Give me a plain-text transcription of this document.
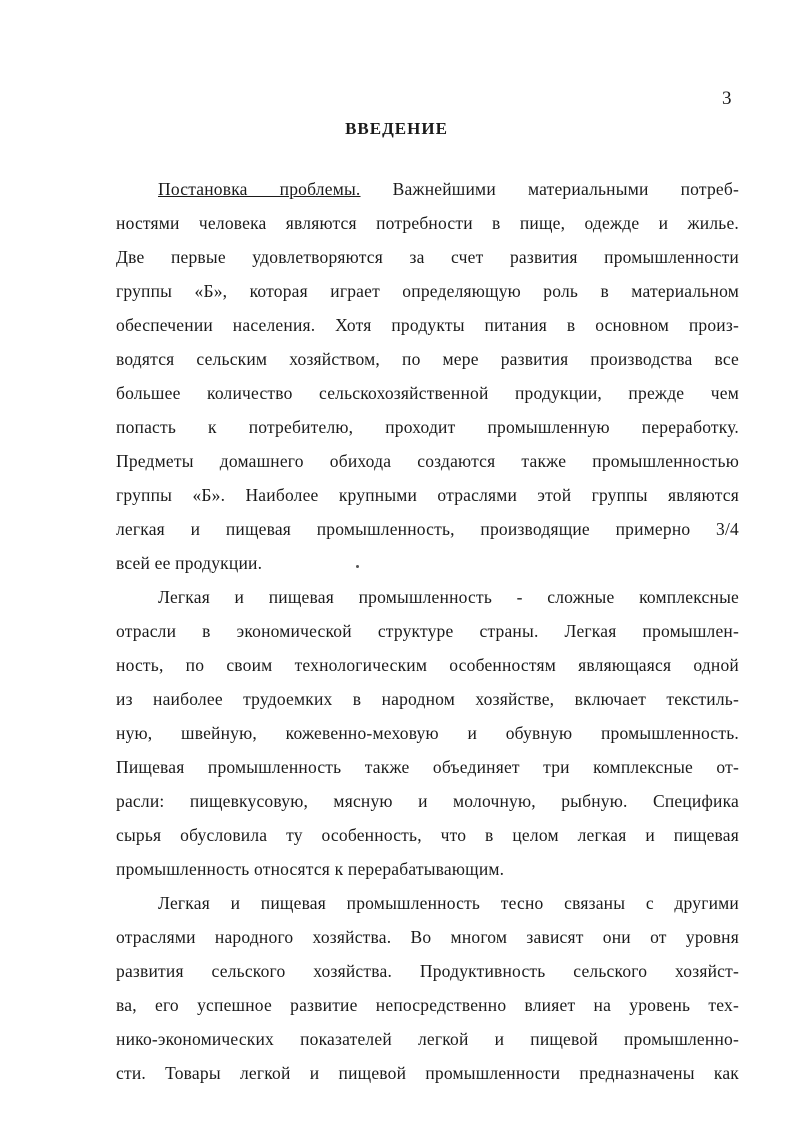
3
ВВЕДЕНИЕ
Постановка проблемы. Важнейшими материальными потреб-
ностями человека являются потребности в пище, одежде и жилье.
Две первые удовлетворяются за счет развития промышленности
группы «Б», которая играет определяющую роль в материальном
обеспечении населения. Хотя продукты питания в основном произ-
водятся сельским хозяйством, по мере развития производства все
большее количество сельскохозяйственной продукции, прежде чем
попасть к потребителю, проходит промышленную переработку.
Предметы домашнего обихода создаются также промышленностью
группы «Б». Наиболее крупными отраслями этой группы являются
легкая и пищевая промышленность, производящие примерно 3/4
всей ее продукции.
Легкая и пищевая промышленность - сложные комплексные
отрасли в экономической структуре страны. Легкая промышлен-
ность, по своим технологическим особенностям являющаяся одной
из наиболее трудоемких в народном хозяйстве, включает текстиль-
ную, швейную, кожевенно-меховую и обувную промышленность.
Пищевая промышленность также объединяет три комплексные от-
расли: пищевкусовую, мясную и молочную, рыбную. Специфика
сырья обусловила ту особенность, что в целом легкая и пищевая
промышленность относятся к перерабатывающим.
Легкая и пищевая промышленность тесно связаны с другими
отраслями народного хозяйства. Во многом зависят они от уровня
развития сельского хозяйства. Продуктивность сельского хозяйст-
ва, его успешное развитие непосредственно влияет на уровень тех-
нико-экономических показателей легкой и пищевой промышленно-
сти. Товары легкой и пищевой промышленности предназначены как
